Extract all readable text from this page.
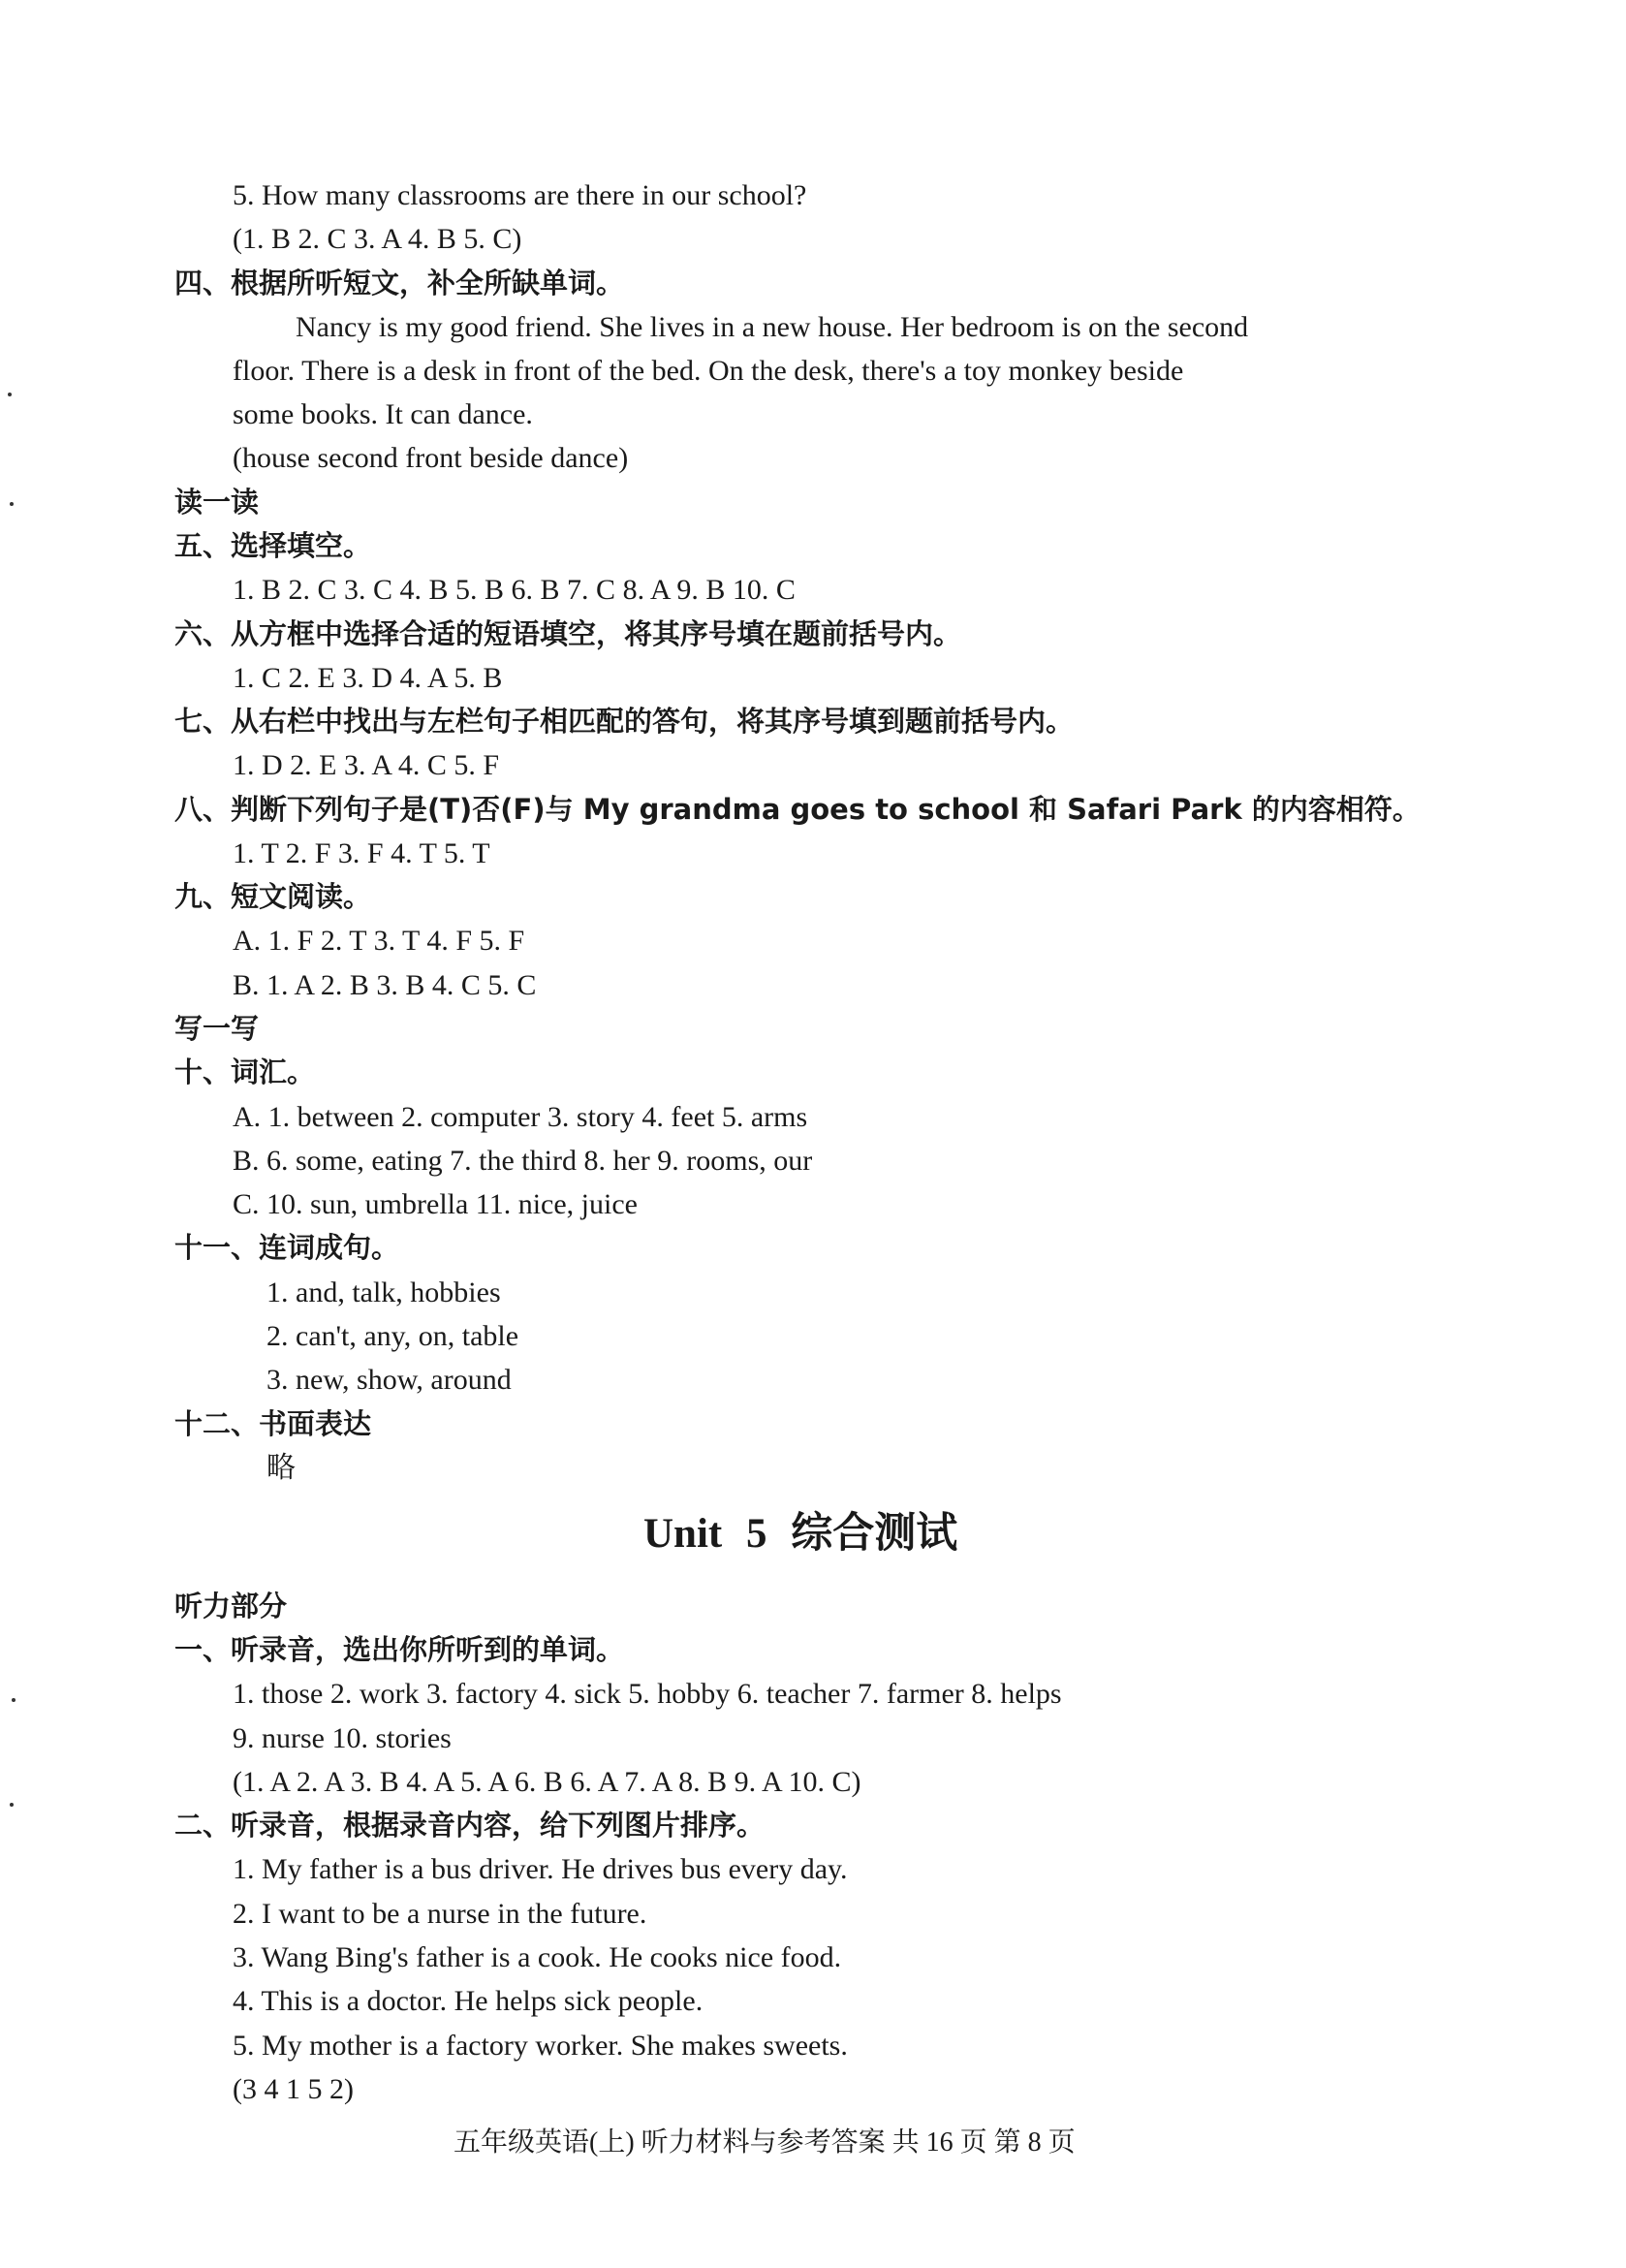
5. How many classrooms are there in our school?
(1. B 2. C 3. A 4. B 5. C)
四、根据所听短文，补全所缺单词。
Nancy is my good friend. She lives in a new house. Her bedroom is on the second
floor. There is a desk in front of the bed. On the desk, there's a toy monkey beside
some books. It can dance.
(house second front beside dance)
读一读
五、选择填空。
1. B 2. C 3. C 4. B 5. B 6. B 7. C 8. A 9. B 10. C
六、从方框中选择合适的短语填空，将其序号填在题前括号内。
1. C 2. E 3. D 4. A 5. B
七、从右栏中找出与左栏句子相匹配的答句，将其序号填到题前括号内。
1. D 2. E 3. A 4. C 5. F
八、判断下列句子是(T)否(F)与 My grandma goes to school 和 Safari Park 的内容相符。
1. T 2. F 3. F 4. T 5. T
九、短文阅读。
A. 1. F 2. T 3. T 4. F 5. F
B. 1. A 2. B 3. B 4. C 5. C
写一写
十、词汇。
A. 1. between 2. computer 3. story 4. feet 5. arms
B. 6. some, eating 7. the third 8. her 9. rooms, our
C. 10. sun, umbrella 11. nice, juice
十一、连词成句。
1. and, talk, hobbies
2. can't, any, on, table
3. new, show, around
十二、书面表达
略
Unit 5 综合测试
听力部分
一、听录音，选出你所听到的单词。
1. those 2. work 3. factory 4. sick 5. hobby 6. teacher 7. farmer 8. helps
9. nurse 10. stories
(1. A 2. A 3. B 4. A 5. A 6. B 6. A 7. A 8. B 9. A 10. C)
二、听录音，根据录音内容，给下列图片排序。
1. My father is a bus driver. He drives bus every day.
2. I want to be a nurse in the future.
3. Wang Bing's father is a cook. He cooks nice food.
4. This is a doctor. He helps sick people.
5. My mother is a factory worker. She makes sweets.
(3 4 1 5 2)
五年级英语(上) 听力材料与参考答案 共 16 页 第 8 页
